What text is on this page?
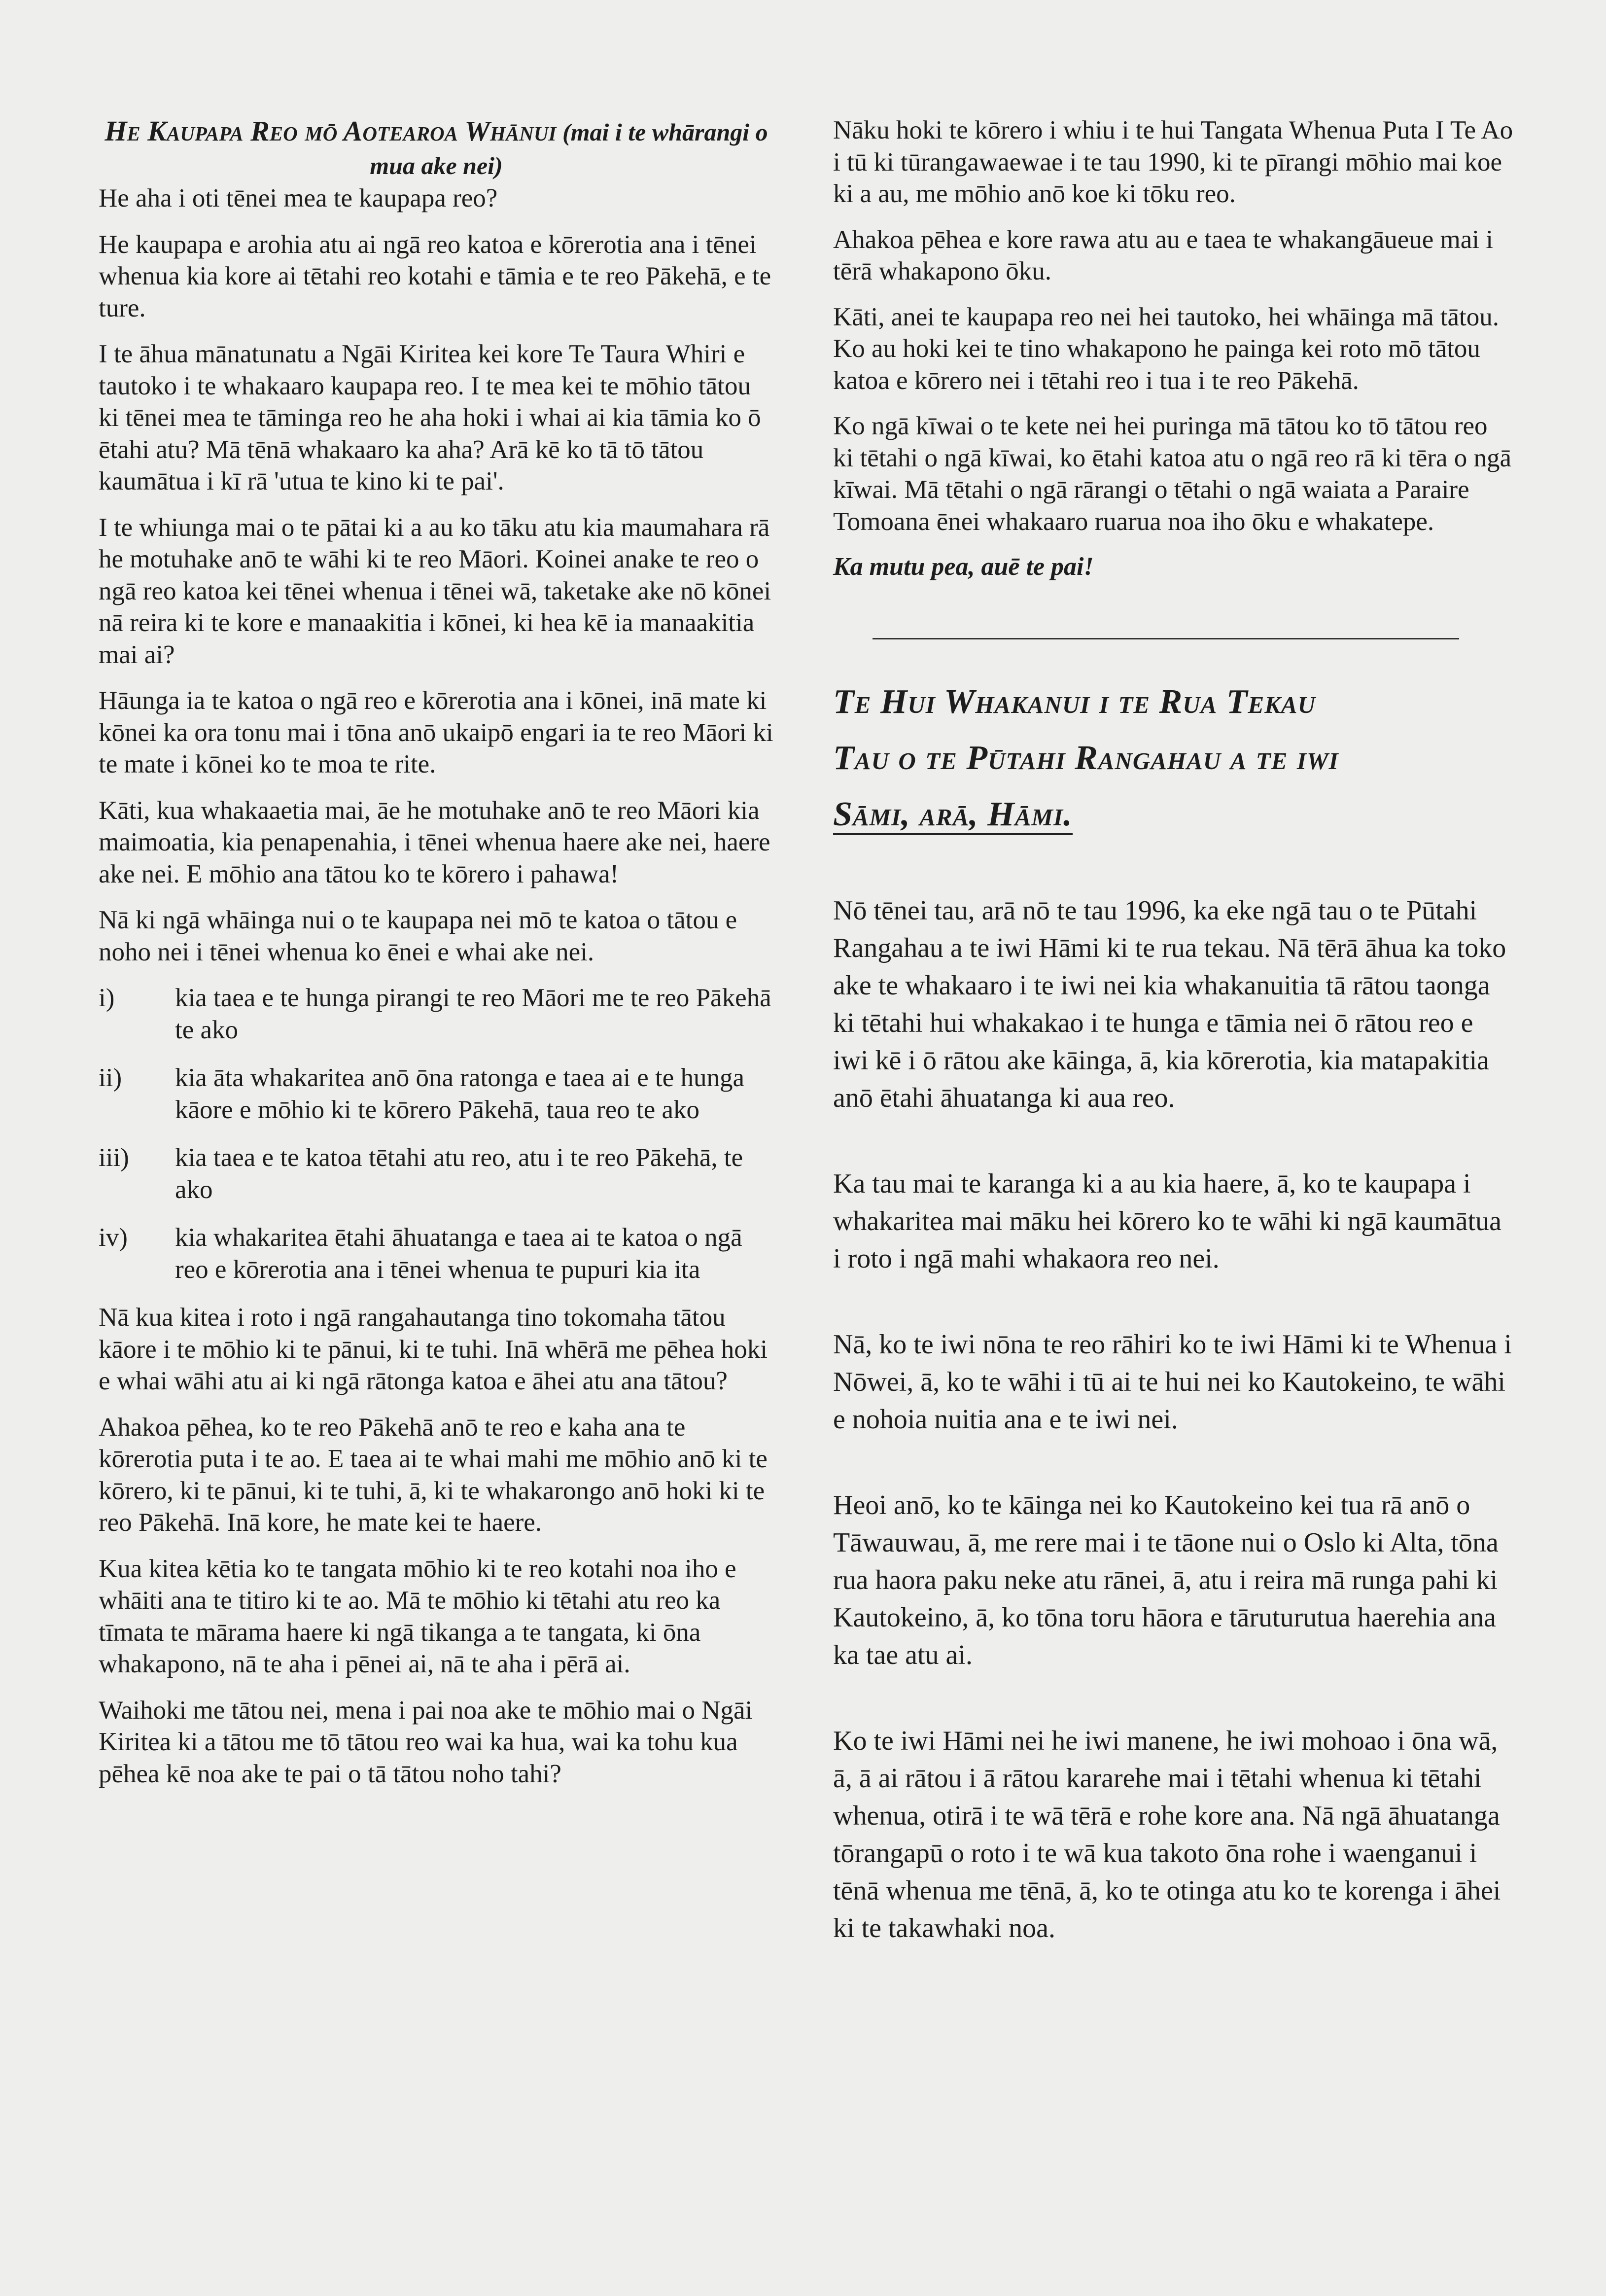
He Kaupapa Reo mō Aotearoa Whānui (mai i te whārangi o mua ake nei)

He aha i oti tēnei mea te kaupapa reo?

He kaupapa e arohia atu ai ngā reo katoa e kōrerotia ana i tēnei whenua kia kore ai tētahi reo kotahi e tāmia e te reo Pākehā, e te ture.

I te āhua mānatunatu a Ngāi Kiritea kei kore Te Taura Whiri e tautoko i te whakaaro kaupapa reo. I te mea kei te mōhio tātou ki tēnei mea te tāminga reo he aha hoki i whai ai kia tāmia ko ō ētahi atu? Mā tēnā whakaaro ka aha? Arā kē ko tā tō tātou kaumātua i kī rā 'utua te kino ki te pai'.

I te whiunga mai o te pātai ki a au ko tāku atu kia maumahara rā he motuhake anō te wāhi ki te reo Māori. Koinei anake te reo o ngā reo katoa kei tēnei whenua i tēnei wā, taketake ake nō kōnei nā reira ki te kore e manaakitia i kōnei, ki hea kē ia manaakitia mai ai?

Hāunga ia te katoa o ngā reo e kōrerotia ana i kōnei, inā mate ki kōnei ka ora tonu mai i tōna anō ukaipō engari ia te reo Māori ki te mate i kōnei ko te moa te rite.

Kāti, kua whakaaetia mai, āe he motuhake anō te reo Māori kia maimoatia, kia penapenahia, i tēnei whenua haere ake nei, haere ake nei. E mōhio ana tātou ko te kōrero i pahawa!

Nā ki ngā whāinga nui o te kaupapa nei mō te katoa o tātou e noho nei i tēnei whenua ko ēnei e whai ake nei.

i)	kia taea e te hunga pirangi te reo Māori me te reo Pākehā te ako
ii)	kia āta whakaritea anō ōna ratonga e taea ai e te hunga kāore e mōhio ki te kōrero Pākehā, taua reo te ako
iii)	kia taea e te katoa tētahi atu reo, atu i te reo Pākehā, te ako
iv)	kia whakaritea ētahi āhuatanga e taea ai te katoa o ngā reo e kōrerotia ana i tēnei whenua te pupuri kia ita

Nā kua kitea i roto i ngā rangahautanga tino tokomaha tātou kāore i te mōhio ki te pānui, ki te tuhi. Inā whērā me pēhea hoki e whai wāhi atu ai ki ngā rātonga katoa e āhei atu ana tātou?

Ahakoa pēhea, ko te reo Pākehā anō te reo e kaha ana te kōrerotia puta i te ao. E taea ai te whai mahi me mōhio anō ki te kōrero, ki te pānui, ki te tuhi, ā, ki te whakarongo anō hoki ki te reo Pākehā. Inā kore, he mate kei te haere.

Kua kitea kētia ko te tangata mōhio ki te reo kotahi noa iho e whāiti ana te titiro ki te ao. Mā te mōhio ki tētahi atu reo ka tīmata te mārama haere ki ngā tikanga a te tangata, ki ōna whakapono, nā te aha i pēnei ai, nā te aha i pērā ai.

Waihoki me tātou nei, mena i pai noa ake te mōhio mai o Ngāi Kiritea ki a tātou me tō tātou reo wai ka hua, wai ka tohu kua pēhea kē noa ake te pai o tā tātou noho tahi?

Nāku hoki te kōrero i whiu i te hui Tangata Whenua Puta I Te Ao i tū ki tūrangawaewae i te tau 1990, ki te pīrangi mōhio mai koe ki a au, me mōhio anō koe ki tōku reo.

Ahakoa pēhea e kore rawa atu au e taea te whakangāueue mai i tērā whakapono ōku.

Kāti, anei te kaupapa reo nei hei tautoko, hei whāinga mā tātou. Ko au hoki kei te tino whakapono he painga kei roto mō tātou katoa e kōrero nei i tētahi reo i tua i te reo Pākehā.

Ko ngā kīwai o te kete nei hei puringa mā tātou ko tō tātou reo ki tētahi o ngā kīwai, ko ētahi katoa atu o ngā reo rā ki tēra o ngā kīwai. Mā tētahi o ngā rārangi o tētahi o ngā waiata a Paraire Tomoana ēnei whakaaro ruarua noa iho ōku e whakatepe.

Ka mutu pea, auē te pai!

Te Hui Whakanui i te Rua Tekau
Tau o te Pūtahi Rangahau a te iwi
Sāmi, arā, Hāmi.

Nō tēnei tau, arā nō te tau 1996, ka eke ngā tau o te Pūtahi Rangahau a te iwi Hāmi ki te rua tekau. Nā tērā āhua ka toko ake te whakaaro i te iwi nei kia whakanuitia tā rātou taonga ki tētahi hui whakakao i te hunga e tāmia nei ō rātou reo e iwi kē i ō rātou ake kāinga, ā, kia kōrerotia, kia matapakitia anō ētahi āhuatanga ki aua reo.

Ka tau mai te karanga ki a au kia haere, ā, ko te kaupapa i whakaritea mai māku hei kōrero ko te wāhi ki ngā kaumātua i roto i ngā mahi whakaora reo nei.

Nā, ko te iwi nōna te reo rāhiri ko te iwi Hāmi ki te Whenua i Nōwei, ā, ko te wāhi i tū ai te hui nei ko Kautokeino, te wāhi e nohoia nuitia ana e te iwi nei.

Heoi anō, ko te kāinga nei ko Kautokeino kei tua rā anō o Tāwauwau, ā, me rere mai i te tāone nui o Oslo ki Alta, tōna rua haora paku neke atu rānei, ā, atu i reira mā runga pahi ki Kautokeino, ā, ko tōna toru hāora e tāruturutua haerehia ana ka tae atu ai.

Ko te iwi Hāmi nei he iwi manene, he iwi mohoao i ōna wā, ā, ā ai rātou i ā rātou kararehe mai i tētahi whenua ki tētahi whenua, otirā i te wā tērā e rohe kore ana. Nā ngā āhuatanga tōrangapū o roto i te wā kua takoto ōna rohe i waenganui i tēnā whenua me tēnā, ā, ko te otinga atu ko te korenga i āhei ki te takawhaki noa.
